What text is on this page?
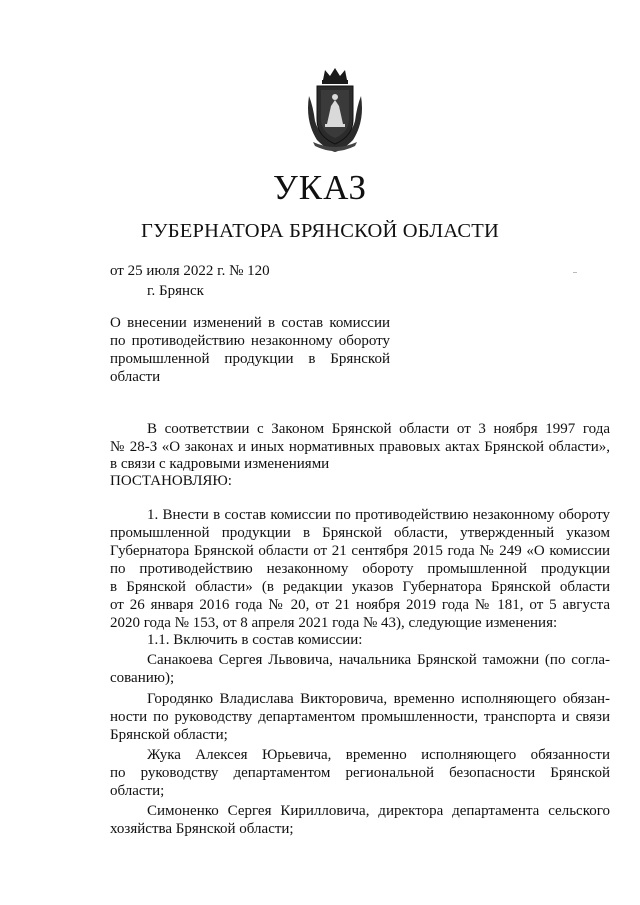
УКАЗ
ГУБЕРНАТОРА БРЯНСКОЙ ОБЛАСТИ
от 25 июля 2022 г. № 120
г. Брянск
О внесении изменений в состав комиссии
по противодействию незаконному обороту
промышленной продукции в Брянской
области
В соответствии с Законом Брянской области от 3 ноября 1997 года
№ 28-З «О законах и иных нормативных правовых актах Брянской области»,
в связи с кадровыми изменениями
ПОСТАНОВЛЯЮ:
1. Внести в состав комиссии по противодействию незаконному обороту
промышленной продукции в Брянской области, утвержденный указом
Губернатора Брянской области от 21 сентября 2015 года № 249 «О комиссии
по противодействию незаконному обороту промышленной продукции
в Брянской области» (в редакции указов Губернатора Брянской области
от 26 января 2016 года № 20, от 21 ноября 2019 года № 181, от 5 августа
2020 года № 153, от 8 апреля 2021 года № 43), следующие изменения:
1.1. Включить в состав комиссии:
Санакоева Сергея Львовича, начальника Брянской таможни (по согла-
сованию);
Городянко Владислава Викторовича, временно исполняющего обязан-
ности по руководству департаментом промышленности, транспорта и связи
Брянской области;
Жука Алексея Юрьевича, временно исполняющего обязанности
по руководству департаментом региональной безопасности Брянской
области;
Симоненко Сергея Кирилловича, директора департамента сельского
хозяйства Брянской области;
